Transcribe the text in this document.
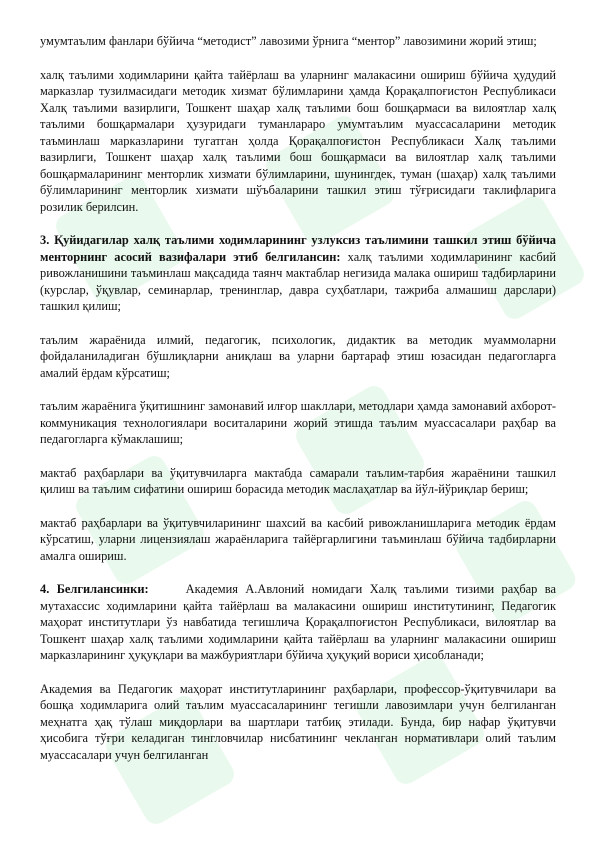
умумтаълим фанлари бўйича “методист” лавозими ўрнига “ментор” лавозимини жорий этиш;

халқ таълими ходимларини қайта тайёрлаш ва уларнинг малакасини ошириш бўйича ҳудудий марказлар тузилмасидаги методик хизмат бўлимларини ҳамда Қорақалпоғистон Республикаси Халқ таълими вазирлиги, Тошкент шаҳар халқ таълими бош бошқармаси ва вилоятлар халқ таълими бошқармалари ҳузуридаги туманлараро умумтаълим муассасаларини методик таъминлаш марказларини тугатган ҳолда Қорақалпоғистон Республикаси Халқ таълими вазирлиги, Тошкент шаҳар халқ таълими бош бошқармаси ва вилоятлар халқ таълими бошқармаларининг менторлик хизмати бўлимларини, шунингдек, туман (шаҳар) халқ таълими бўлимларининг менторлик хизмати шўъбаларини ташкил этиш тўғрисидаги таклифларига розилик берилсин.

3. Қуйидагилар халқ таълими ходимларининг узлуксиз таълимини ташкил этиш бўйича менторнинг асосий вазифалари этиб белгилансин: халқ таълими ходимларининг касбий ривожланишини таъминлаш мақсадида таянч мактаблар негизида малака ошириш тадбирларини (курслар, ўқувлар, семинарлар, тренинглар, давра суҳбатлари, тажриба алмашиш дарслари) ташкил қилиш;

таълим жараёнида илмий, педагогик, психологик, дидактик ва методик муаммоларни фойдаланиладиган бўшлиқларни аниқлаш ва уларни бартараф этиш юзасидан педагогларга амалий ёрдам кўрсатиш;

таълим жараёнига ўқитишнинг замонавий илғор шакллари, методлари ҳамда замонавий ахборот-коммуникация технологиялари воситаларини жорий этишда таълим муассасалари раҳбар ва педагогларга кўмаклашиш;

мактаб раҳбарлари ва ўқитувчиларга мактабда самарали таълим-тарбия жараёнини ташкил қилиш ва таълим сифатини ошириш борасида методик маслаҳатлар ва йўл-йўриқлар бериш;

мактаб раҳбарлари ва ўқитувчиларининг шахсий ва касбий ривожланишларига методик ёрдам кўрсатиш, уларни лицензиялаш жараёнларига тайёргарлигини таъминлаш бўйича тадбирларни амалга ошириш.

4. Белгилансинки:     Академия А.Авлоний номидаги Халқ таълими тизими раҳбар ва мутахассис ходимларини қайта тайёрлаш ва малакасини ошириш институтининг, Педагогик маҳорат институтлари ўз навбатида тегишлича Қорақалпоғистон Республикаси, вилоятлар ва Тошкент шаҳар халқ таълими ходимларини қайта тайёрлаш ва уларнинг малакасини ошириш марказларининг ҳуқуқлари ва мажбуриятлари бўйича ҳуқуқий вориси ҳисобланади;

Академия ва Педагогик маҳорат институтларининг раҳбарлари, профессор-ўқитувчилари ва бошқа ходимларига олий таълим муассасаларининг тегишли лавозимлари учун белгиланган меҳнатга ҳақ тўлаш миқдорлари ва шартлари татбиқ этилади. Бунда, бир нафар ўқитувчи ҳисобига тўғри келадиган тингловчилар нисбатининг чекланган нормативлари олий таълим муассасалари учун белгиланган
